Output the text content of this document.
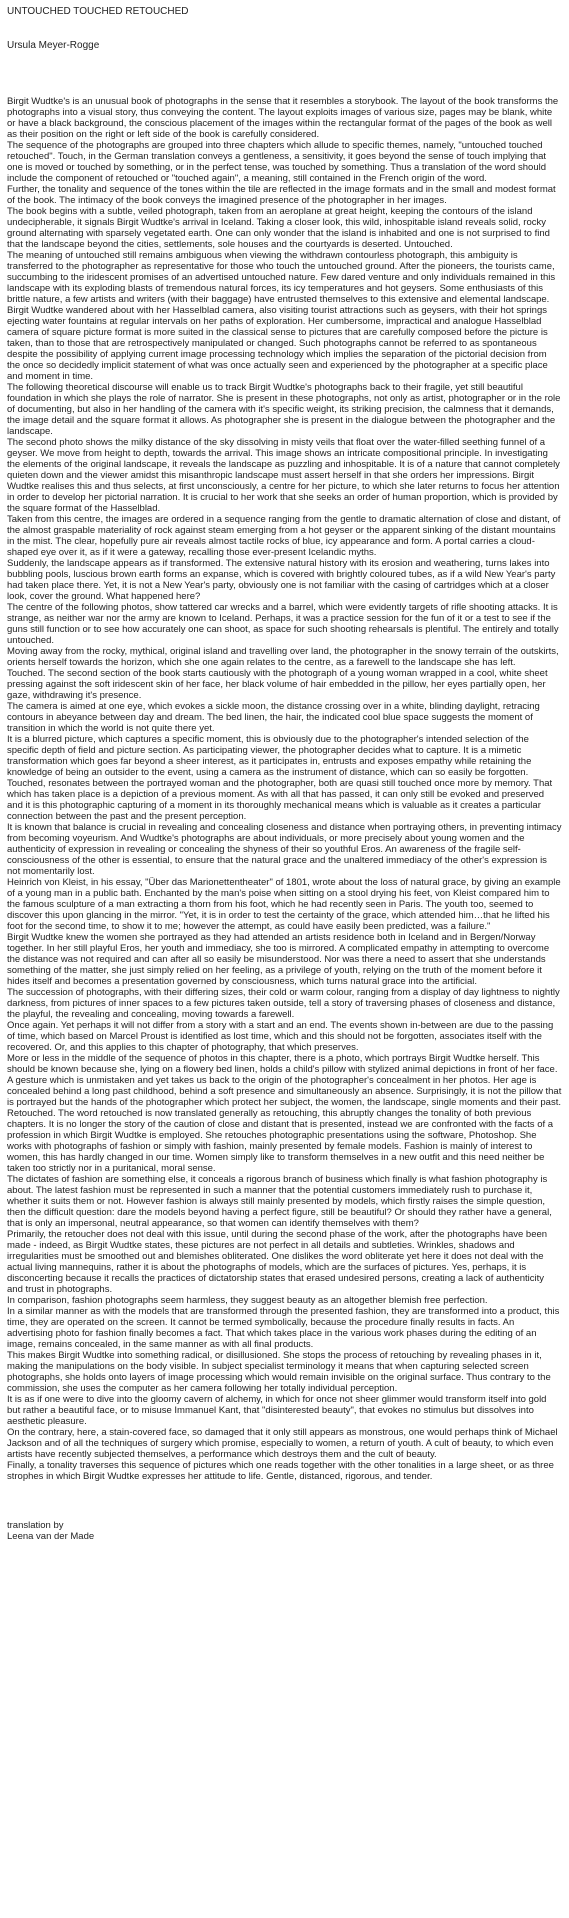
UNTOUCHED TOUCHED RETOUCHED
Ursula Meyer-Rogge

Birgit Wudtke's is an unusual book of photographs in the sense that it resembles a storybook. The layout of the book transforms the photographs into a visual story, thus conveying the content. The layout exploits images of various size, pages may be blank, white or have a black background, the conscious placement of the images within the rectangular format of the pages of the book as well as their position on the right or left side of the book is carefully considered.

The sequence of the photographs are grouped into three chapters which allude to specific themes, namely, "untouched touched retouched". Touch, in the German translation conveys a gentleness, a sensitivity, it goes beyond the sense of touch implying that one is moved or touched by something, or in the perfect tense, was touched by something. Thus a translation of the word should include the component of retouched or "touched again", a meaning, still contained in the French origin of the word.

Further, the tonality and sequence of the tones within the tile are reflected in the image formats and in the small and modest format of the book. The intimacy of the book conveys the imagined presence of the photographer in her images.

The book begins with a subtle, veiled photograph, taken from an aeroplane at great height, keeping the contours of the island undecipherable, it signals Birgit Wudtke's arrival in Iceland. Taking a closer look, this wild, inhospitable island reveals solid, rocky ground alternating with sparsely vegetated earth. One can only wonder that the island is inhabited and one is not surprised to find that the landscape beyond the cities, settlements, sole houses and the courtyards is deserted. Untouched.

The meaning of untouched still remains ambiguous when viewing the withdrawn contourless photograph, this ambiguity is transferred to the photographer as representative for those who touch the untouched ground. After the pioneers, the tourists came, succumbing to the iridescent promises of an advertised untouched nature. Few dared venture and only individuals remained in this landscape with its exploding blasts of tremendous natural forces, its icy temperatures and hot geysers. Some enthusiasts of this brittle nature, a few artists and writers (with their baggage) have entrusted themselves to this extensive and elemental landscape.

Birgit Wudtke wandered about with her Hasselblad camera, also visiting tourist attractions such as geysers, with their hot springs ejecting water fountains at regular intervals on her paths of exploration. Her cumbersome, impractical and analogue Hasselblad camera of square picture format is more suited in the classical sense to pictures that are carefully composed before the picture is taken, than to those that are retrospectively manipulated or changed. Such photographs cannot be referred to as spontaneous despite the possibility of applying current image processing technology which implies the separation of the pictorial decision from the once so decidedly implicit statement of what was once actually seen and experienced by the photographer at a specific place and moment in time.

The following theoretical discourse will enable us to track Birgit Wudtke's photographs back to their fragile, yet still beautiful foundation in which she plays the role of narrator. She is present in these photographs, not only as artist, photographer or in the role of documenting, but also in her handling of the camera with it's specific weight, its striking precision, the calmness that it demands, the image detail and the square format it allows. As photographer she is present in the dialogue between the photographer and the landscape.

The second photo shows the milky distance of the sky dissolving in misty veils that float over the water-filled seething funnel of a geyser. We move from height to depth, towards the arrival. This image shows an intricate compositional principle. In investigating the elements of the original landscape, it reveals the landscape as puzzling and inhospitable. It is of a nature that cannot completely quieten down and the viewer amidst this misanthropic landscape must assert herself in that she orders her impressions. Birgit Wudtke realises this and thus selects, at first unconsciously, a centre for her picture, to which she later returns to focus her attention in order to develop her pictorial narration. It is crucial to her work that she seeks an order of human proportion, which is provided by the square format of the Hasselblad.

Taken from this centre, the images are ordered in a sequence ranging from the gentle to dramatic alternation of close and distant, of the almost graspable materiality of rock against steam emerging from a hot geyser or the apparent sinking of the distant mountains in the mist. The clear, hopefully pure air reveals almost tactile rocks of blue, icy appearance and form. A portal carries a cloud-shaped eye over it, as if it were a gateway, recalling those ever-present Icelandic myths.

Suddenly, the landscape appears as if transformed. The extensive natural history with its erosion and weathering, turns lakes into bubbling pools, luscious brown earth forms an expanse, which is covered with brightly coloured tubes, as if a wild New Year's party had taken place there. Yet, it is not a New Year's party, obviously one is not familiar with the casing of cartridges which at a closer look, cover the ground. What happened here?

The centre of the following photos, show tattered car wrecks and a barrel, which were evidently targets of rifle shooting attacks. It is strange, as neither war nor the army are known to Iceland. Perhaps, it was a practice session for the fun of it or a test to see if the guns still function or to see how accurately one can shoot, as space for such shooting rehearsals is plentiful. The entirely and totally untouched.

Moving away from the rocky, mythical, original island and travelling over land, the photographer in the snowy terrain of the outskirts, orients herself towards the horizon, which she one again relates to the centre, as a farewell to the landscape she has left.

Touched. The second section of the book starts cautiously with the photograph of a young woman wrapped in a cool, white sheet pressing against the soft iridescent skin of her face, her black volume of hair embedded in the pillow, her eyes partially open, her gaze, withdrawing it's presence.

The camera is aimed at one eye, which evokes a sickle moon, the distance crossing over in a white, blinding daylight, retracing contours in abeyance between day and dream. The bed linen, the hair, the indicated cool blue space suggests the moment of transition in which the world is not quite there yet.

It is a blurred picture, which captures a specific moment, this is obviously due to the photographer's intended selection of the specific depth of field and picture section. As participating viewer, the photographer decides what to capture. It is a mimetic transformation which goes far beyond a sheer interest, as it participates in, entrusts and exposes empathy while retaining the knowledge of being an outsider to the event, using a camera as the instrument of distance, which can so easily be forgotten.

Touched, resonates between the portrayed woman and the photographer, both are quasi still touched once more by memory. That which has taken place is a depiction of a previous moment. As with all that has passed, it can only still be evoked and preserved and it is this photographic capturing of a moment in its thoroughly mechanical means which is valuable as it creates a particular connection between the past and the present perception.

It is known that balance is crucial in revealing and concealing closeness and distance when portraying others, in preventing intimacy from becoming voyeurism. And Wudtke's photographs are about individuals, or more precisely about young women and the authenticity of expression in revealing or concealing the shyness of their so youthful Eros. An awareness of the fragile self-consciousness of the other is essential, to ensure that the natural grace and the unaltered immediacy of the other's expression is not momentarily lost.

Heinrich von Kleist, in his essay, "Über das Marionettentheater" of 1801, wrote about the loss of natural grace, by giving an example of a young man in a public bath. Enchanted by the man's poise when sitting on a stool drying his feet, von Kleist compared him to the famous sculpture of a man extracting a thorn from his foot, which he had recently seen in Paris. The youth too, seemed to discover this upon glancing in the mirror. "Yet, it is in order to test the certainty of the grace, which attended him…that he lifted his foot for the second time, to show it to me; however the attempt, as could have easily been predicted, was a failure."

Birgit Wudtke knew the women she portrayed as they had attended an artists residence both in Iceland and in Bergen/Norway together. In her still playful Eros, her youth and immediacy, she too is mirrored. A complicated empathy in attempting to overcome the distance was not required and can after all so easily be misunderstood. Nor was there a need to assert that she understands something of the matter, she just simply relied on her feeling, as a privilege of youth, relying on the truth of the moment before it hides itself and becomes a presentation governed by consciousness, which turns natural grace into the artificial.

The succession of photographs, with their differing sizes, their cold or warm colour, ranging from a display of day lightness to nightly darkness, from pictures of inner spaces to a few pictures taken outside, tell a story of traversing phases of closeness and distance, the playful, the revealing and concealing, moving towards a farewell.

Once again. Yet perhaps it will not differ from a story with a start and an end. The events shown in-between are due to the passing of time, which based on Marcel Proust is identified as lost time, which and this should not be forgotten, associates itself with the recovered. Or, and this applies to this chapter of photography, that which preserves.

More or less in the middle of the sequence of photos in this chapter, there is a photo, which portrays Birgit Wudtke herself. This should be known because she, lying on a flowery bed linen, holds a child's pillow with stylized animal depictions in front of her face. A gesture which is unmistaken and yet takes us back to the origin of the photographer's concealment in her photos. Her age is concealed behind a long past childhood, behind a soft presence and simultaneously an absence. Surprisingly, it is not the pillow that is portrayed but the hands of the photographer which protect her subject, the women, the landscape, single moments and their past.

Retouched. The word retouched is now translated generally as retouching, this abruptly changes the tonality of both previous chapters. It is no longer the story of the caution of close and distant that is presented, instead we are confronted with the facts of a profession in which Birgit Wudtke is employed. She retouches photographic presentations using the software, Photoshop. She works with photographs of fashion or simply with fashion, mainly presented by female models. Fashion is mainly of interest to women, this has hardly changed in our time. Women simply like to transform themselves in a new outfit and this need neither be taken too strictly nor in a puritanical, moral sense.

The dictates of fashion are something else, it conceals a rigorous branch of business which finally is what fashion photography is about. The latest fashion must be represented in such a manner that the potential customers immediately rush to purchase it, whether it suits them or not. However fashion is always still mainly presented by models, which firstly raises the simple question, then the difficult question: dare the models beyond having a perfect figure, still be beautiful? Or should they rather have a general, that is only an impersonal, neutral appearance, so that women can identify themselves with them?

Primarily, the retoucher does not deal with this issue, until during the second phase of the work, after the photographs have been made - indeed, as Birgit Wudtke states, these pictures are not perfect in all details and subtleties. Wrinkles, shadows and irregularities must be smoothed out and blemishes obliterated. One dislikes the word obliterate yet here it does not deal with the actual living mannequins, rather it is about the photographs of models, which are the surfaces of pictures. Yes, perhaps, it is disconcerting because it recalls the practices of dictatorship states that erased undesired persons, creating a lack of authenticity and trust in photographs.

In comparison, fashion photographs seem harmless, they suggest beauty as an altogether blemish free perfection.

In a similar manner as with the models that are transformed through the presented fashion, they are transformed into a product, this time, they are operated on the screen. It cannot be termed symbolically, because the procedure finally results in facts. An advertising photo for fashion finally becomes a fact. That which takes place in the various work phases during the editing of an image, remains concealed, in the same manner as with all final products.

This makes Birgit Wudtke into something radical, or disillusioned. She stops the process of retouching by revealing phases in it, making the manipulations on the body visible. In subject specialist terminology it means that when capturing selected screen photographs, she holds onto layers of image processing which would remain invisible on the original surface. Thus contrary to the commission, she uses the computer as her camera following her totally individual perception.

It is as if one were to dive into the gloomy cavern of alchemy, in which for once not sheer glimmer would transform itself into gold but rather a beautiful face, or to misuse Immanuel Kant, that "disinterested beauty", that evokes no stimulus but dissolves into aesthetic pleasure.

On the contrary, here, a stain-covered face, so damaged that it only still appears as monstrous, one would perhaps think of Michael Jackson and of all the techniques of surgery which promise, especially to women, a return of youth. A cult of beauty, to which even artists have recently subjected themselves, a performance which destroys them and the cult of beauty.

Finally, a tonality traverses this sequence of pictures which one reads together with the other tonalities in a large sheet, or as three strophes in which Birgit Wudtke expresses her attitude to life. Gentle, distanced, rigorous, and tender.

translation by
Leena van der Made
